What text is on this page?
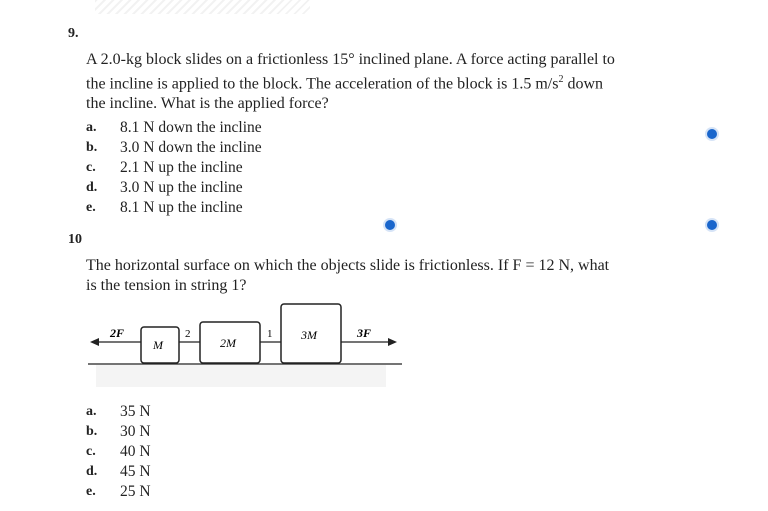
9.
A 2.0-kg block slides on a frictionless 15° inclined plane. A force acting parallel to
the incline is applied to the block. The acceleration of the block is 1.5 $m/s^2$ down
the incline. What is the applied force?
a.	8.1 N down the incline
b.	3.0 N down the incline
c.	2.1 N up the incline
d.	3.0 N up the incline
e.	8.1 N up the incline
10
The horizontal surface on which the objects slide is frictionless. If F = 12 N, what
is the tension in string 1?
2F
M
2
2M
1 3M	3F
a.	35 N
b.	30 N
c.	40 N
d.	45 N
e.	25 N
